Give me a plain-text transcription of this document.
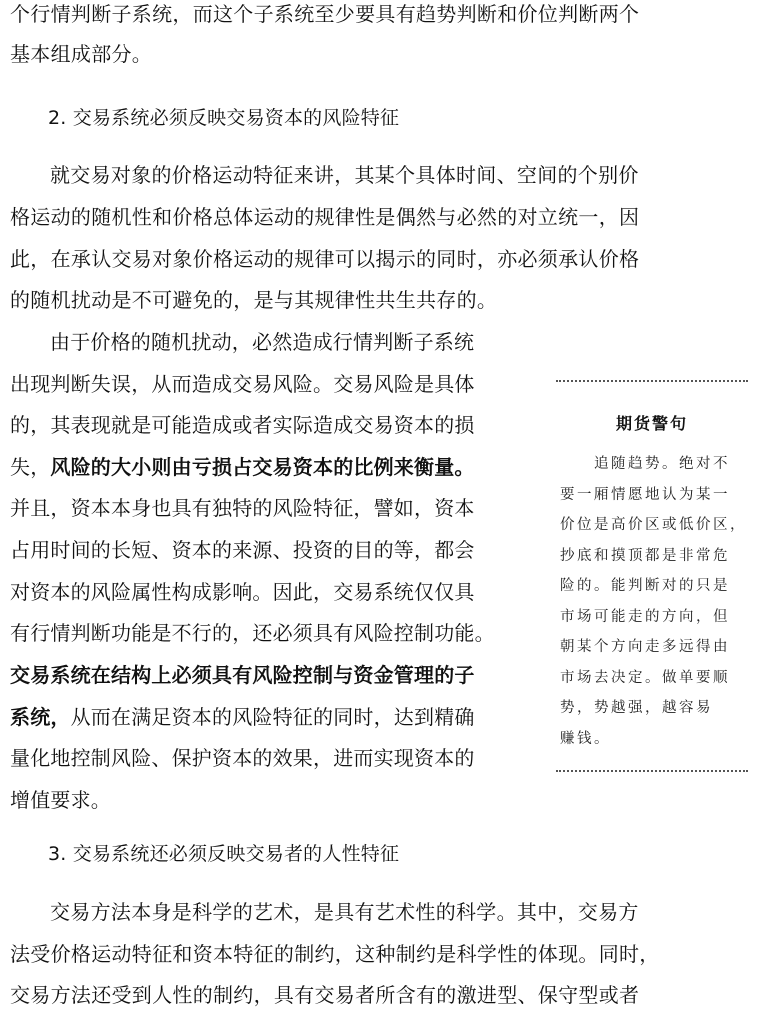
个行情判断子系统，而这个子系统至少要具有趋势判断和价位判断两个
基本组成部分。
2. 交易系统必须反映交易资本的风险特征
就交易对象的价格运动特征来讲，其某个具体时间、空间的个别价
格运动的随机性和价格总体运动的规律性是偶然与必然的对立统一，因
此，在承认交易对象价格运动的规律可以揭示的同时，亦必须承认价格
的随机扰动是不可避免的，是与其规律性共生共存的。
由于价格的随机扰动，必然造成行情判断子系统
出现判断失误，从而造成交易风险。交易风险是具体
的，其表现就是可能造成或者实际造成交易资本的损
失，风险的大小则由亏损占交易资本的比例来衡量。
并且，资本本身也具有独特的风险特征，譬如，资本
占用时间的长短、资本的来源、投资的目的等，都会
对资本的风险属性构成影响。因此，交易系统仅仅具
有行情判断功能是不行的，还必须具有风险控制功能。
交易系统在结构上必须具有风险控制与资金管理的子
系统，从而在满足资本的风险特征的同时，达到精确
量化地控制风险、保护资本的效果，进而实现资本的
增值要求。
期货警句
追随趋势。绝对不
要一厢情愿地认为某一
价位是高价区或低价区，
抄底和摸顶都是非常危
险的。能判断对的只是
市场可能走的方向，但
朝某个方向走多远得由
市场去决定。做单要顺
势，势越强，越容易
赚钱。
3. 交易系统还必须反映交易者的人性特征
交易方法本身是科学的艺术，是具有艺术性的科学。其中，交易方
法受价格运动特征和资本特征的制约，这种制约是科学性的体现。同时，
交易方法还受到人性的制约，具有交易者所含有的激进型、保守型或者
